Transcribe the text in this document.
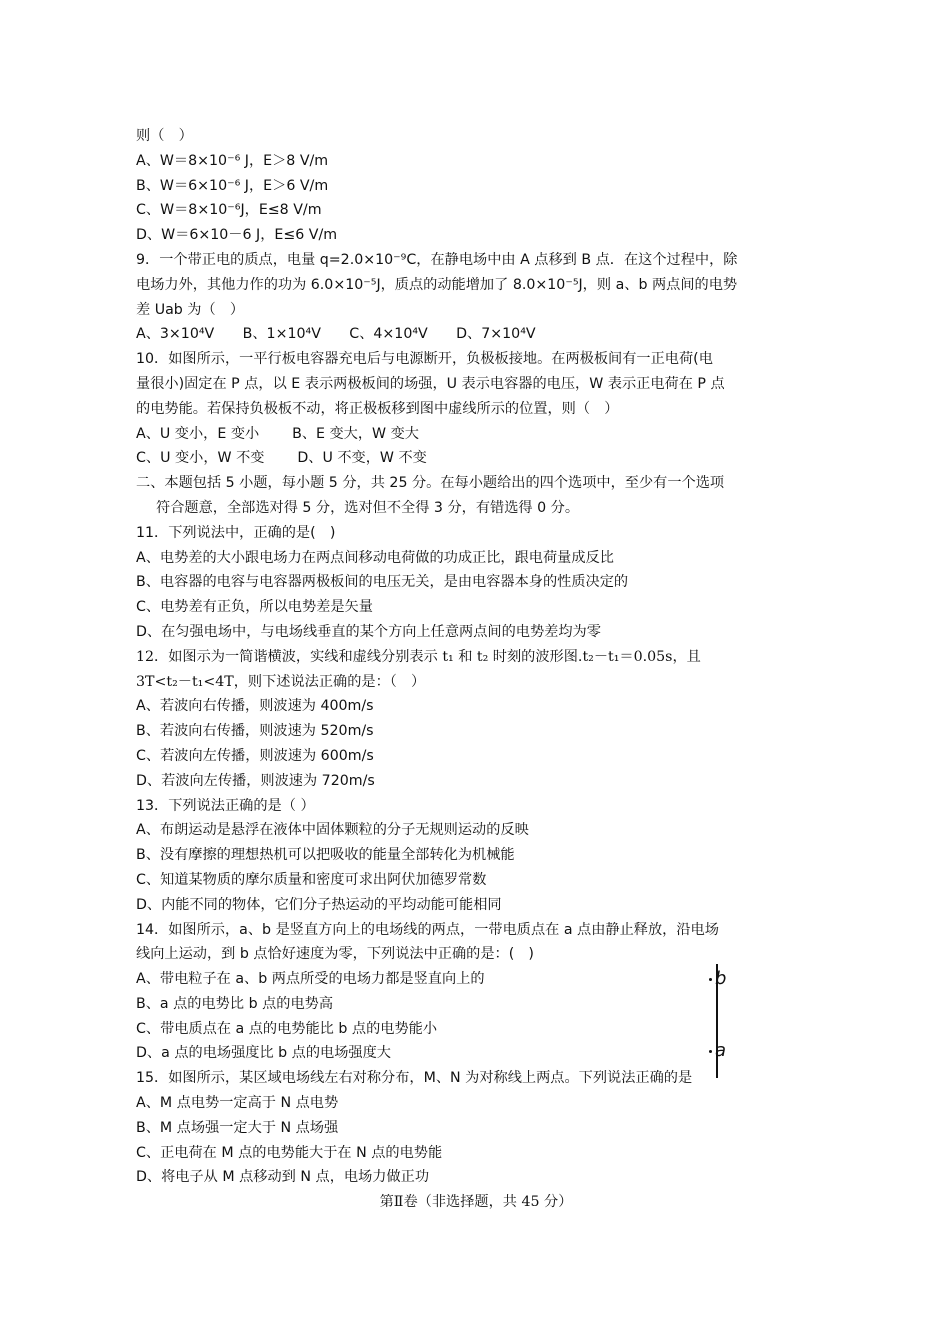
则（　）
A、W＝8×10⁻⁶ J，E＞8 V/m
B、W＝6×10⁻⁶ J，E＞6 V/m
C、W＝8×10⁻⁶J，E≤8 V/m
D、W＝6×10－6 J，E≤6 V/m
9．一个带正电的质点，电量 q=2.0×10⁻⁹C，在静电场中由 A 点移到 B 点．在这个过程中，除
电场力外，其他力作的功为 6.0×10⁻⁵J，质点的动能增加了 8.0×10⁻⁵J，则 a、b 两点间的电势
差 Uab 为（　）
A、3×10⁴V　　B、1×10⁴V　　C、4×10⁴V　　D、7×10⁴V
10．如图所示，一平行板电容器充电后与电源断开，负极板接地。在两极板间有一正电荷(电
量很小)固定在 P 点，以 E 表示两极板间的场强，U 表示电容器的电压，W 表示正电荷在 P 点
的电势能。若保持负极板不动，将正极板移到图中虚线所示的位置，则（　）
A、U 变小，E 变小　　 B、E 变大，W 变大
C、U 变小，W 不变　　 D、U 不变，W 不变
二、本题包括 5 小题，每小题 5 分，共 25 分。在每小题给出的四个选项中，至少有一个选项
符合题意，全部选对得 5 分，选对但不全得 3 分，有错选得 0 分。
11．下列说法中，正确的是(　)
A、电势差的大小跟电场力在两点间移动电荷做的功成正比，跟电荷量成反比
B、电容器的电容与电容器两极板间的电压无关，是由电容器本身的性质决定的
C、电势差有正负，所以电势差是矢量
D、在匀强电场中，与电场线垂直的某个方向上任意两点间的电势差均为零
12．如图示为一简谐横波，实线和虚线分别表示 t₁ 和 t₂ 时刻的波形图.t₂－t₁＝0.05s，且
3T<t₂－t₁<4T，则下述说法正确的是：（　）
A、若波向右传播，则波速为 400m/s
B、若波向右传播，则波速为 520m/s
C、若波向左传播，则波速为 600m/s
D、若波向左传播，则波速为 720m/s
13．下列说法正确的是（ ）
A、布朗运动是悬浮在液体中固体颗粒的分子无规则运动的反映
B、没有摩擦的理想热机可以把吸收的能量全部转化为机械能
C、知道某物质的摩尔质量和密度可求出阿伏加德罗常数
D、内能不同的物体，它们分子热运动的平均动能可能相同
14．如图所示，a、b 是竖直方向上的电场线的两点，一带电质点在 a 点由静止释放，沿电场
线向上运动，到 b 点恰好速度为零，下列说法中正确的是：(　)
A、带电粒子在 a、b 两点所受的电场力都是竖直向上的
B、a 点的电势比 b 点的电势高
C、带电质点在 a 点的电势能比 b 点的电势能小
D、a 点的电场强度比 b 点的电场强度大
15．如图所示，某区域电场线左右对称分布，M、N 为对称线上两点。下列说法正确的是
A、M 点电势一定高于 N 点电势
B、M 点场强一定大于 N 点场强
C、正电荷在 M 点的电势能大于在 N 点的电势能
D、将电子从 M 点移动到 N 点，电场力做正功
第Ⅱ卷（非选择题，共 45 分）
b
a
